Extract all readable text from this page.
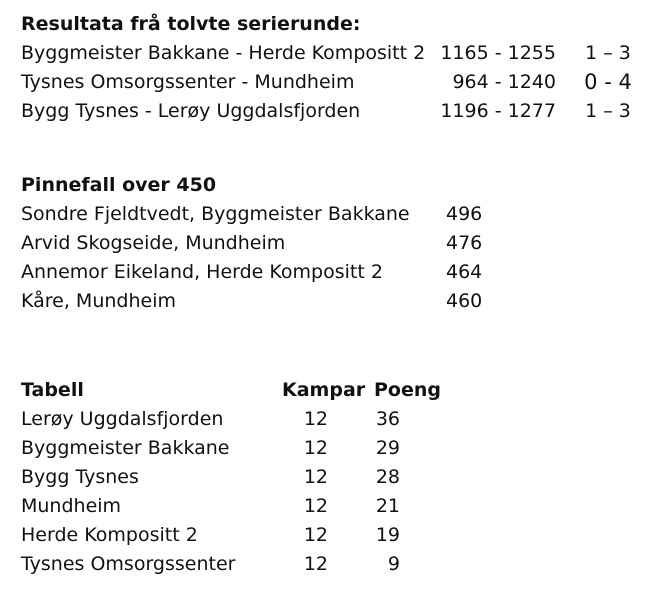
Resultata frå tolvte serierunde:
Byggmeister Bakkane - Herde Kompositt 2 1165 - 1255 1 – 3
Tysnes Omsorgssenter - Mundheim	964 - 1240 0 - 4
Bygg Tysnes - Lerøy Uggdalsfjorden	1196 - 1277 1 – 3
Pinnefall over 450
Sondre Fjeldtvedt, Byggmeister Bakkane 496
Arvid Skogseide, Mundheim	476
Annemor Eikeland, Herde Kompositt 2	464
Kåre, Mundheim	460
Tabell	Kampar Poeng
Lerøy Uggdalsfjorden	12	36
Byggmeister Bakkane	12	29
Bygg Tysnes	12	28
Mundheim	12	21
Herde Kompositt 2	12	19
Tysnes Omsorgssenter	12	9
